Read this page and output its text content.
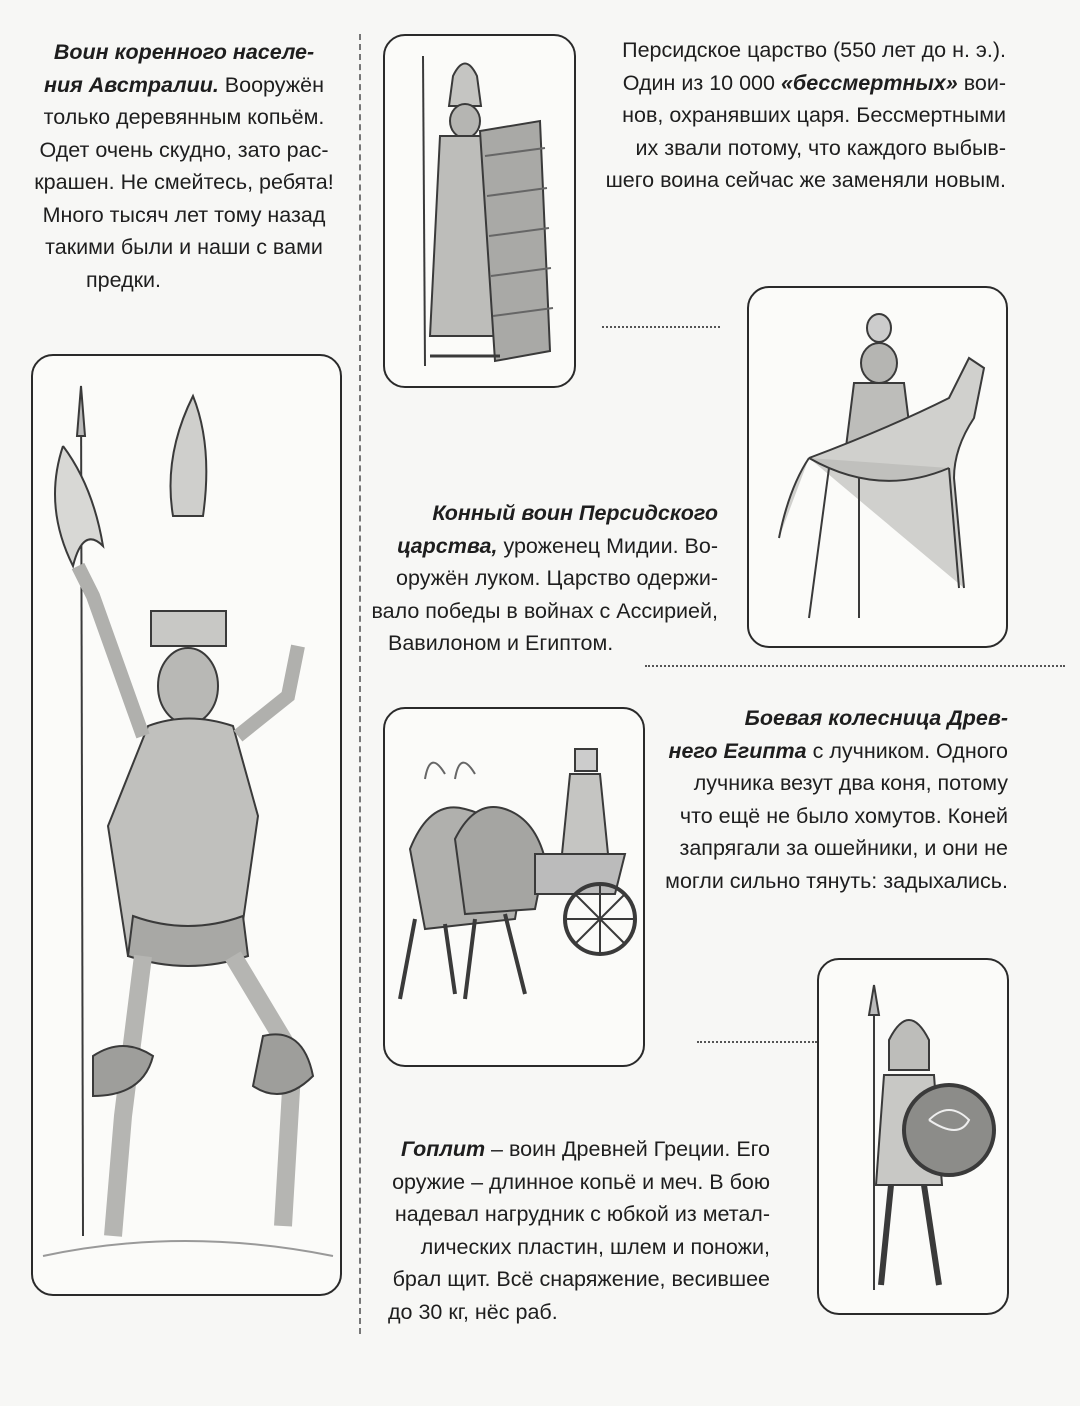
Воин коренного населе-
ния Австралии. Вооружён
только деревянным копьём.
Одет очень скудно, зато рас-
крашен. Не смейтесь, ребята!
Много тысяч лет тому назад
такими были и наши с вами
предки.
Персидское царство (550 лет до н. э.).
Один из 10 000 «бессмертных» вои-
нов, охранявших царя. Бессмертными
их звали потому, что каждого выбыв-
шего воина сейчас же заменяли новым.
Конный воин Персидского
царства, уроженец Мидии. Во-
оружён луком. Царство одержи-
вало победы в войнах с Ассирией,
Вавилоном и Египтом.
Боевая колесница Древ-
него Египта с лучником. Одного
лучника везут два коня, потому
что ещё не было хомутов. Коней
запрягали за ошейники, и они не
могли сильно тянуть: задыхались.
Гоплит – воин Древней Греции. Его
оружие – длинное копьё и меч. В бою
надевал нагрудник с юбкой из метал-
лических пластин, шлем и поножи,
брал щит. Всё снаряжение, весившее
до 30 кг, нёс раб.
